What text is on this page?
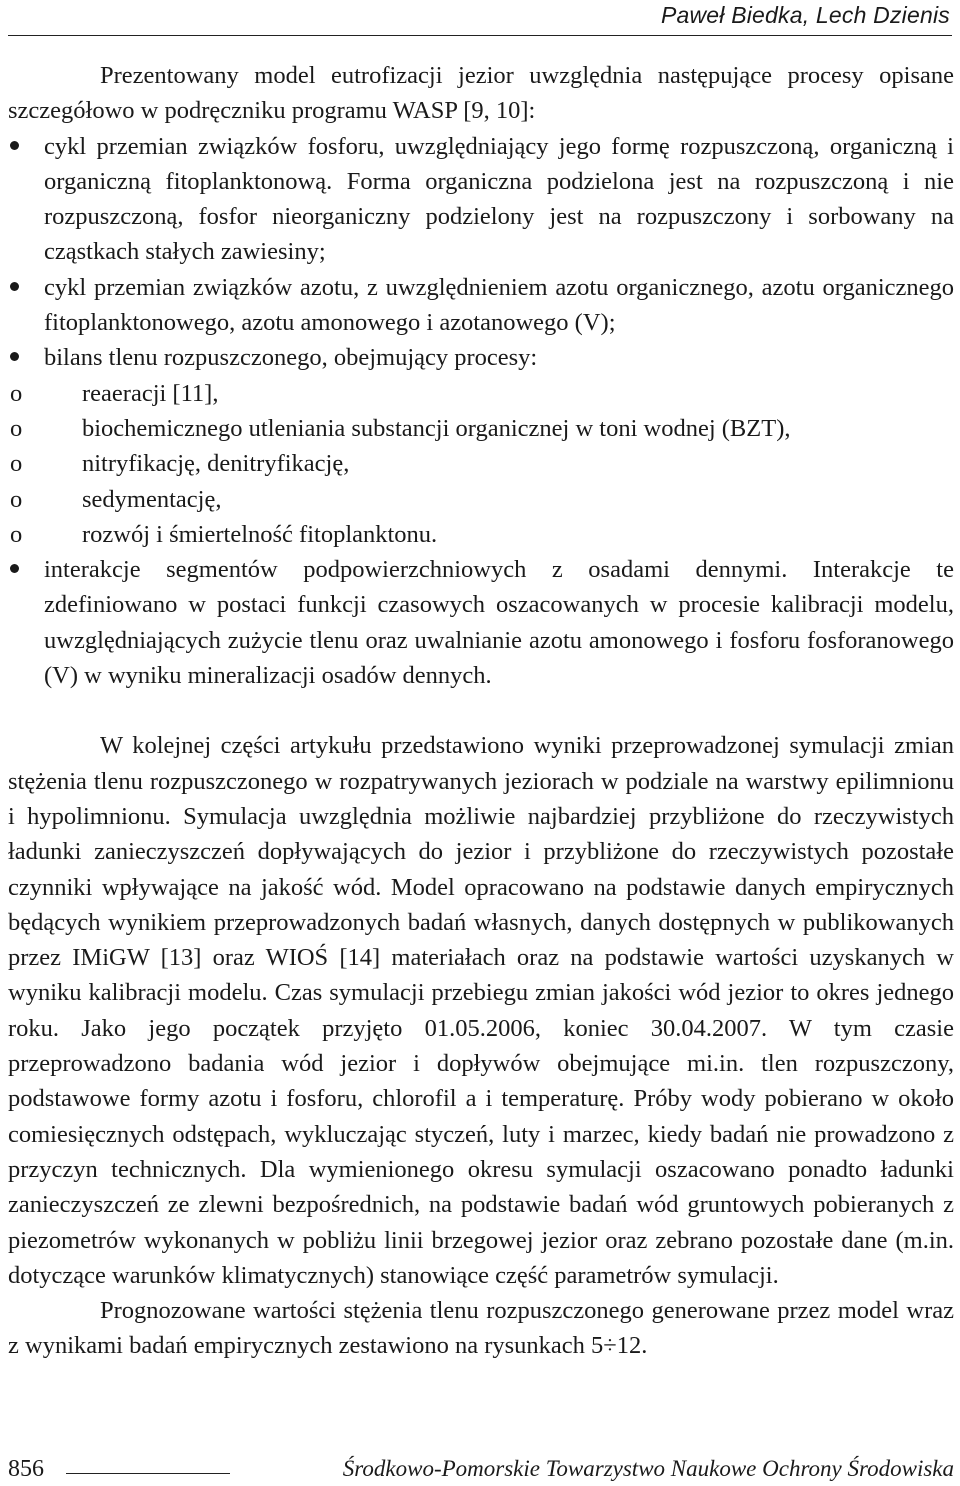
Paweł Biedka, Lech Dzienis

Prezentowany model eutrofizacji jezior uwzględnia następujące procesy opisane szczegółowo w podręczniku programu WASP [9, 10]:

cykl przemian związków fosforu, uwzględniający jego formę rozpuszczoną, organiczną i organiczną fitoplanktonową. Forma organiczna podzielona jest na rozpuszczoną i nie rozpuszczoną, fosfor nieorganiczny podzielony jest na rozpuszczony i sorbowany na cząstkach stałych zawiesiny;
cykl przemian związków azotu, z uwzględnieniem azotu organicznego, azotu organicznego fitoplanktonowego, azotu amonowego i azotanowego (V);
bilans tlenu rozpuszczonego, obejmujący procesy:
o reaeracji [11],
o biochemicznego utleniania substancji organicznej w toni wodnej (BZT),
o nitryfikację, denitryfikację,
o sedymentację,
o rozwój i śmiertelność fitoplanktonu.
interakcje segmentów podpowierzchniowych z osadami dennymi. Interakcje te zdefiniowano w postaci funkcji czasowych oszacowanych w procesie kalibracji modelu, uwzględniających zużycie tlenu oraz uwalnianie azotu amonowego i fosforu fosforanowego (V) w wyniku mineralizacji osadów dennych.

W kolejnej części artykułu przedstawiono wyniki przeprowadzonej symulacji zmian stężenia tlenu rozpuszczonego w rozpatrywanych jeziorach w podziale na warstwy epilimnionu i hypolimnionu. Symulacja uwzględnia możliwie najbardziej przybliżone do rzeczywistych ładunki zanieczyszczeń dopływających do jezior i przybliżone do rzeczywistych pozostałe czynniki wpływające na jakość wód. Model opracowano na podstawie danych empirycznych będących wynikiem przeprowadzonych badań własnych, danych dostępnych w publikowanych przez IMiGW [13] oraz WIOŚ [14] materiałach oraz na podstawie wartości uzyskanych w wyniku kalibracji modelu. Czas symulacji przebiegu zmian jakości wód jezior to okres jednego roku. Jako jego początek przyjęto 01.05.2006, koniec 30.04.2007. W tym czasie przeprowadzono badania wód jezior i dopływów obejmujące mi.in. tlen rozpuszczony, podstawowe formy azotu i fosforu, chlorofil a i temperaturę. Próby wody pobierano w około comiesięcznych odstępach, wykluczając styczeń, luty i marzec, kiedy badań nie prowadzono z przyczyn technicznych. Dla wymienionego okresu symulacji oszacowano ponadto ładunki zanieczyszczeń ze zlewni bezpośrednich, na podstawie badań wód gruntowych pobieranych z piezometrów wykonanych w pobliżu linii brzegowej jezior oraz zebrano pozostałe dane (m.in. dotyczące warunków klimatycznych) stanowiące część parametrów symulacji.

Prognozowane wartości stężenia tlenu rozpuszczonego generowane przez model wraz z wynikami badań empirycznych zestawiono na rysunkach 5÷12.

856	Środkowo-Pomorskie Towarzystwo Naukowe Ochrony Środowiska
